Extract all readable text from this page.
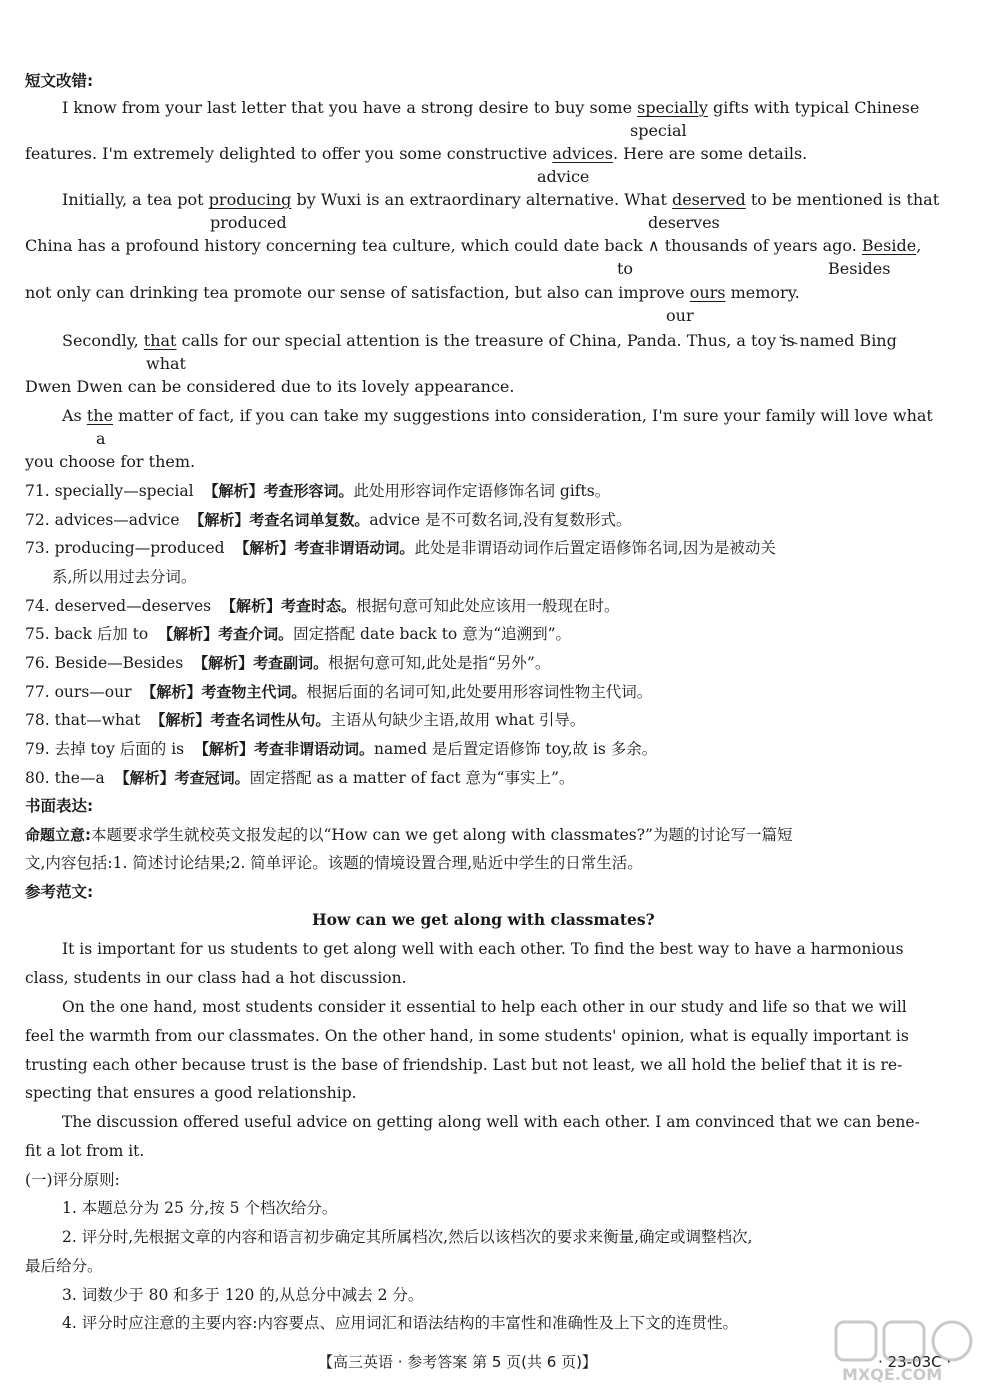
短文改错:
I know from your last letter that you have a strong desire to buy some specially gifts with typical Chinese
special
features. I'm extremely delighted to offer you some constructive advices. Here are some details.
advice
Initially, a tea pot producing by Wuxi is an extraordinary alternative. What deserved to be mentioned is that
produced	deserves
China has a profound history concerning tea culture, which could date back ∧ thousands of years ago. Beside,
to	Besides
not only can drinking tea promote our sense of satisfaction, but also can improve ours memory.
our
Secondly, that calls for our special attention is the treasure of China, Panda. Thus, a toy is named Bing
what
Dwen Dwen can be considered due to its lovely appearance.
As the matter of fact, if you can take my suggestions into consideration, I'm sure your family will love what
a
you choose for them.
71. specially—special 【解析】考查形容词。此处用形容词作定语修饰名词 gifts。
72. advices—advice 【解析】考查名词单复数。advice 是不可数名词,没有复数形式。
73. producing—produced 【解析】考查非谓语动词。此处是非谓语动词作后置定语修饰名词,因为是被动关
系,所以用过去分词。
74. deserved—deserves 【解析】考查时态。根据句意可知此处应该用一般现在时。
75. back 后加 to 【解析】考查介词。固定搭配 date back to 意为“追溯到”。
76. Beside—Besides 【解析】考查副词。根据句意可知,此处是指“另外”。
77. ours—our 【解析】考查物主代词。根据后面的名词可知,此处要用形容词性物主代词。
78. that—what 【解析】考查名词性从句。主语从句缺少主语,故用 what 引导。
79. 去掉 toy 后面的 is 【解析】考查非谓语动词。named 是后置定语修饰 toy,故 is 多余。
80. the—a 【解析】考查冠词。固定搭配 as a matter of fact 意为“事实上”。
书面表达:
命题立意:本题要求学生就校英文报发起的以“How can we get along with classmates?”为题的讨论写一篇短
文,内容包括:1. 简述讨论结果;2. 简单评论。该题的情境设置合理,贴近中学生的日常生活。
参考范文:
How can we get along with classmates?
It is important for us students to get along well with each other. To find the best way to have a harmonious
class, students in our class had a hot discussion.
On the one hand, most students consider it essential to help each other in our study and life so that we will
feel the warmth from our classmates. On the other hand, in some students' opinion, what is equally important is
trusting each other because trust is the base of friendship. Last but not least, we all hold the belief that it is re-
specting that ensures a good relationship.
The discussion offered useful advice on getting along well with each other. I am convinced that we can bene-
fit a lot from it.
(一)评分原则:
1. 本题总分为 25 分,按 5 个档次给分。
2. 评分时,先根据文章的内容和语言初步确定其所属档次,然后以该档次的要求来衡量,确定或调整档次,
最后给分。
3. 词数少于 80 和多于 120 的,从总分中减去 2 分。
4. 评分时应注意的主要内容:内容要点、应用词汇和语法结构的丰富性和准确性及上下文的连贯性。
【高三英语 · 参考答案 第 5 页(共 6 页)】	· 23-03C ·
MXQE.COM
